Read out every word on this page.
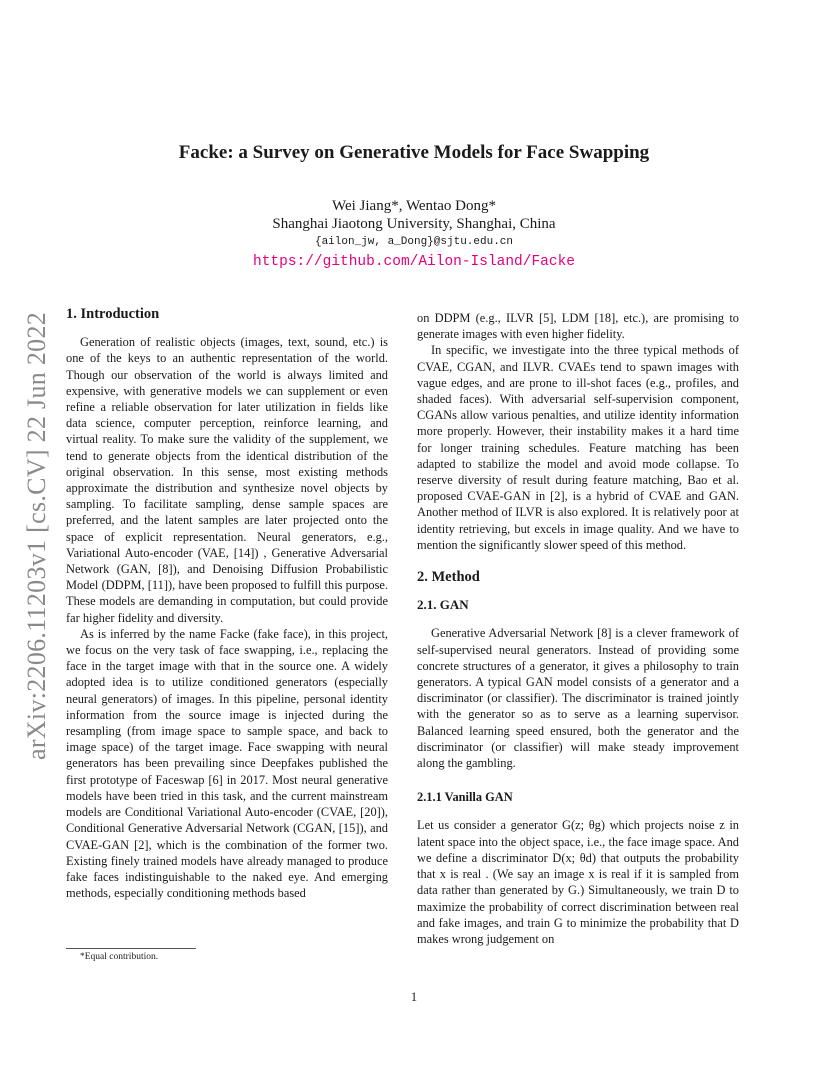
arXiv:2206.11203v1 [cs.CV] 22 Jun 2022
Facke: a Survey on Generative Models for Face Swapping
Wei Jiang*, Wentao Dong*
Shanghai Jiaotong University, Shanghai, China
{ailon_jw, a_Dong}@sjtu.edu.cn
https://github.com/Ailon-Island/Facke
1. Introduction

Generation of realistic objects (images, text, sound, etc.) is one of the keys to an authentic representation of the world. Though our observation of the world is always limited and expensive, with generative models we can supplement or even refine a reliable observation for later utilization in fields like data science, computer perception, reinforce learning, and virtual reality. To make sure the validity of the supplement, we tend to generate objects from the identical distribution of the original observation. In this sense, most existing methods approximate the distribution and synthesize novel objects by sampling. To facilitate sampling, dense sample spaces are preferred, and the latent samples are later projected onto the space of explicit representation. Neural generators, e.g., Variational Auto-encoder (VAE, [14]) , Generative Adversarial Network (GAN, [8]), and Denoising Diffusion Probabilistic Model (DDPM, [11]), have been proposed to fulfill this purpose. These models are demanding in computation, but could provide far higher fidelity and diversity.

As is inferred by the name Facke (fake face), in this project, we focus on the very task of face swapping, i.e., replacing the face in the target image with that in the source one. A widely adopted idea is to utilize conditioned generators (especially neural generators) of images. In this pipeline, personal identity information from the source image is injected during the resampling (from image space to sample space, and back to image space) of the target image. Face swapping with neural generators has been prevailing since Deepfakes published the first prototype of Faceswap [6] in 2017. Most neural generative models have been tried in this task, and the current mainstream models are Conditional Variational Auto-encoder (CVAE, [20]), Conditional Generative Adversarial Network (CGAN, [15]), and CVAE-GAN [2], which is the combination of the former two. Existing finely trained models have already managed to produce fake faces indistinguishable to the naked eye. And emerging methods, especially conditioning methods based

on DDPM (e.g., ILVR [5], LDM [18], etc.), are promising to generate images with even higher fidelity.

In specific, we investigate into the three typical methods of CVAE, CGAN, and ILVR. CVAEs tend to spawn images with vague edges, and are prone to ill-shot faces (e.g., profiles, and shaded faces). With adversarial self-supervision component, CGANs allow various penalties, and utilize identity information more properly. However, their instability makes it a hard time for longer training schedules. Feature matching has been adapted to stabilize the model and avoid mode collapse. To reserve diversity of result during feature matching, Bao et al. proposed CVAE-GAN in [2], is a hybrid of CVAE and GAN. Another method of ILVR is also explored. It is relatively poor at identity retrieving, but excels in image quality. And we have to mention the significantly slower speed of this method.

2. Method
2.1. GAN

Generative Adversarial Network [8] is a clever framework of self-supervised neural generators. Instead of providing some concrete structures of a generator, it gives a philosophy to train generators. A typical GAN model consists of a generator and a discriminator (or classifier). The discriminator is trained jointly with the generator so as to serve as a learning supervisor. Balanced learning speed ensured, both the generator and the discriminator (or classifier) will make steady improvement along the gambling.

2.1.1 Vanilla GAN

Let us consider a generator G(z; θg) which projects noise z in latent space into the object space, i.e., the face image space. And we define a discriminator D(x; θd) that outputs the probability that x is real . (We say an image x is real if it is sampled from data rather than generated by G.) Simultaneously, we train D to maximize the probability of correct discrimination between real and fake images, and train G to minimize the probability that D makes wrong judgement on

*Equal contribution.
1
